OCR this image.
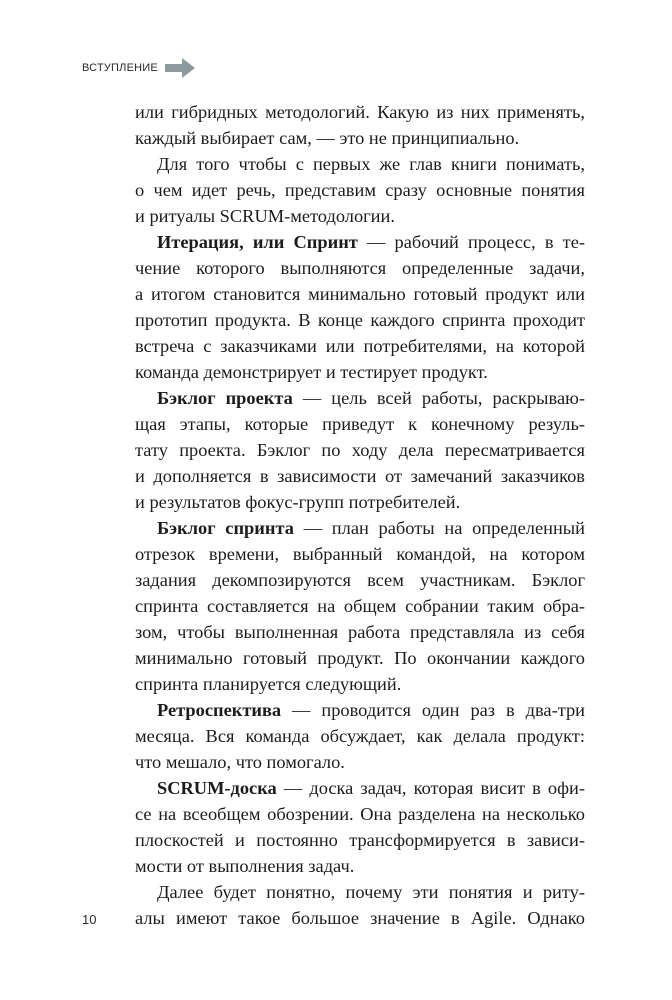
ВСТУПЛЕНИЕ
или гибридных методологий. Какую из них применять,
каждый выбирает сам, — это не принципиально.
Для того чтобы с первых же глав книги понимать,
о чем идет речь, представим сразу основные понятия
и ритуалы SCRUM-методологии.
Итерация, или Спринт — рабочий процесс, в те-
чение которого выполняются определенные задачи,
а итогом становится минимально готовый продукт или
прототип продукта. В конце каждого спринта проходит
встреча с заказчиками или потребителями, на которой
команда демонстрирует и тестирует продукт.
Бэклог проекта — цель всей работы, раскрываю-
щая этапы, которые приведут к конечному резуль-
тату проекта. Бэклог по ходу дела пересматривается
и дополняется в зависимости от замечаний заказчиков
и результатов фокус-групп потребителей.
Бэклог спринта — план работы на определенный
отрезок времени, выбранный командой, на котором
задания декомпозируются всем участникам. Бэклог
спринта составляется на общем собрании таким обра-
зом, чтобы выполненная работа представляла из себя
минимально готовый продукт. По окончании каждого
спринта планируется следующий.
Ретроспектива — проводится один раз в два-три
месяца. Вся команда обсуждает, как делала продукт:
что мешало, что помогало.
SCRUM-доска — доска задач, которая висит в офи-
се на всеобщем обозрении. Она разделена на несколько
плоскостей и постоянно трансформируется в зависи-
мости от выполнения задач.
Далее будет понятно, почему эти понятия и риту-
алы имеют такое большое значение в Agile. Однако
10
